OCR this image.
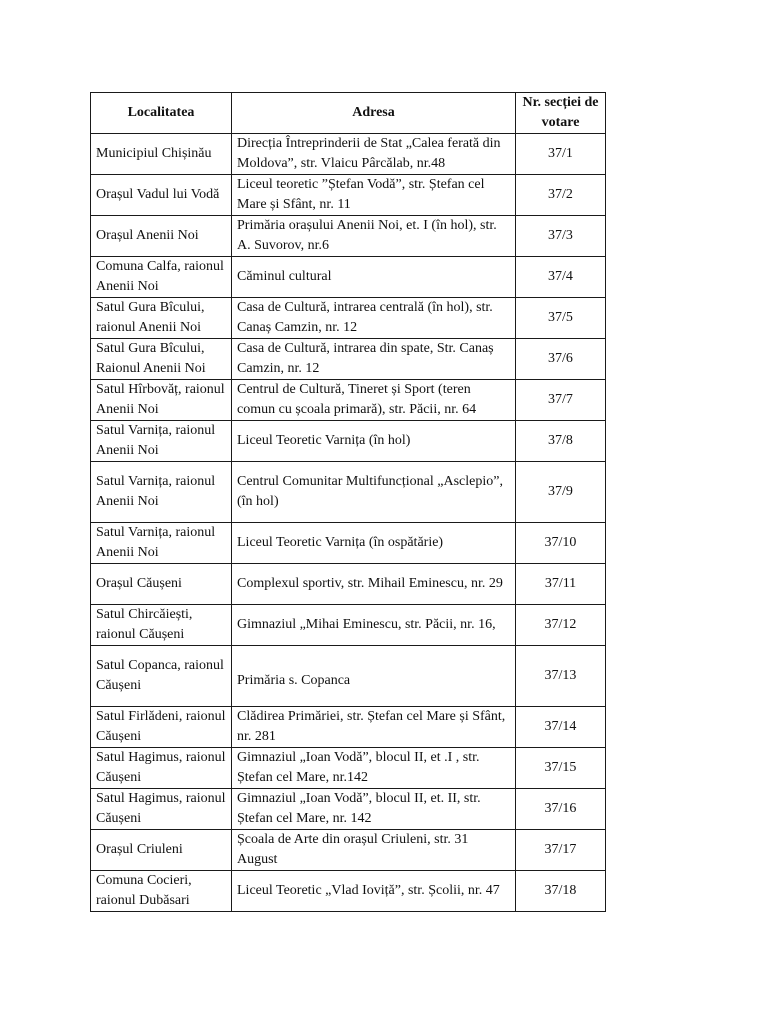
Localitatea	Adresa	Nr. secției de votare
Municipiul Chișinău	Direcția Întreprinderii de Stat „Calea ferată din Moldova”, str. Vlaicu Pârcălab, nr.48	37/1
Orașul Vadul lui Vodă	Liceul teoretic ”Ștefan Vodă”, str. Ștefan cel Mare și Sfânt, nr. 11	37/2
Orașul Anenii Noi	Primăria orașului Anenii Noi, et. I (în hol), str. A. Suvorov, nr.6	37/3
Comuna Calfa, raionul Anenii Noi	Căminul cultural	37/4
Satul Gura Bîcului, raionul Anenii Noi	Casa de Cultură, intrarea centrală (în hol), str. Canaș Camzin, nr. 12	37/5
Satul Gura Bîcului, Raionul Anenii Noi	Casa de Cultură, intrarea din spate, Str. Canaș Camzin, nr. 12	37/6
Satul Hîrbovăț, raionul Anenii Noi	Centrul de Cultură, Tineret și Sport (teren comun cu școala primară), str. Păcii, nr. 64	37/7
Satul Varnița, raionul Anenii Noi	Liceul Teoretic Varnița (în hol)	37/8
Satul Varnița, raionul Anenii Noi	Centrul Comunitar Multifuncțional „Asclepio”, (în hol)	37/9
Satul Varnița, raionul Anenii Noi	Liceul Teoretic Varnița (în ospătărie)	37/10
Orașul Căușeni	Complexul sportiv, str. Mihail Eminescu, nr. 29	37/11
Satul Chircăiești, raionul Căușeni	Gimnaziul „Mihai Eminescu, str. Păcii, nr. 16,	37/12
Satul Copanca, raionul Căușeni	Primăria s. Copanca	37/13
Satul Firlădeni, raionul Căușeni	Clădirea Primăriei, str. Ștefan cel Mare și Sfânt, nr. 281	37/14
Satul Hagimus, raionul Căușeni	Gimnaziul „Ioan Vodă”, blocul II, et .I , str. Ștefan cel Mare, nr.142	37/15
Satul Hagimus, raionul Căușeni	Gimnaziul „Ioan Vodă”, blocul II, et. II, str. Ștefan cel Mare, nr. 142	37/16
Orașul Criuleni	Școala de Arte din orașul Criuleni, str. 31 August	37/17
Comuna Cocieri, raionul Dubăsari	Liceul Teoretic „Vlad Ioviță”, str. Școlii, nr. 47	37/18
